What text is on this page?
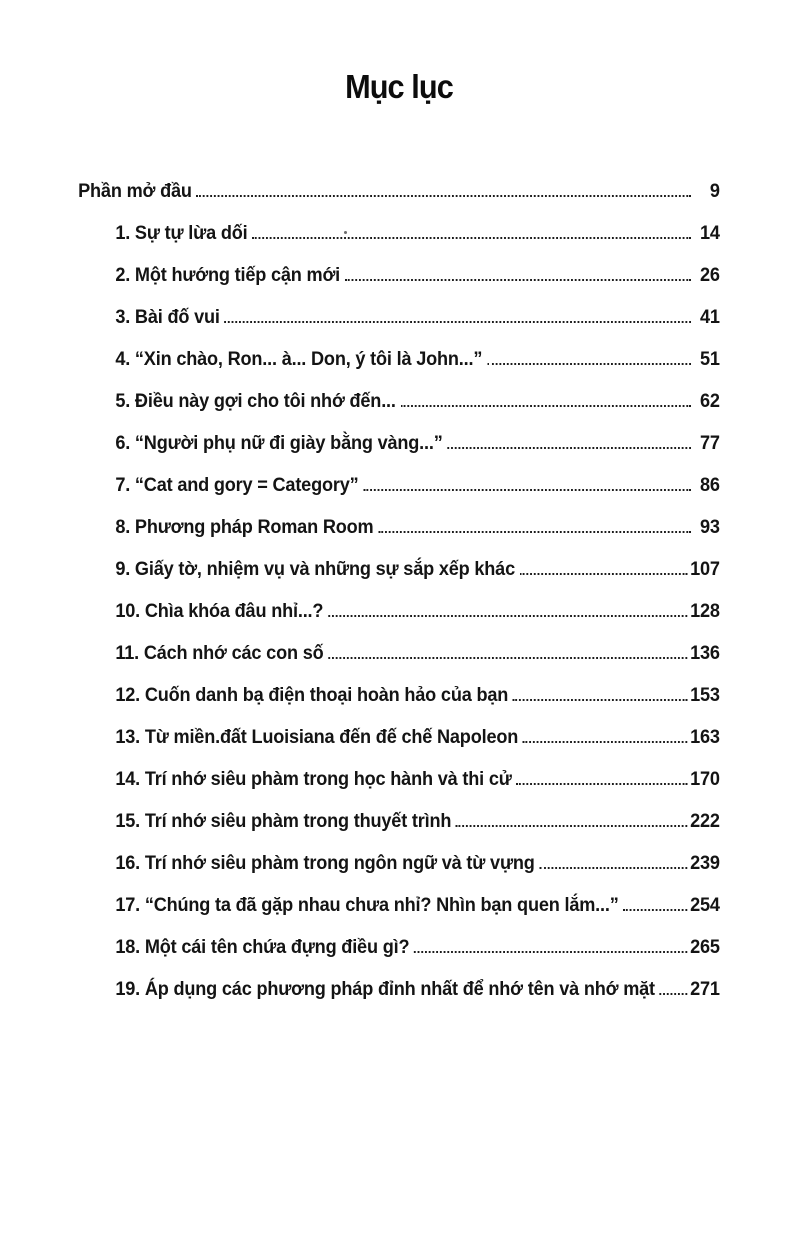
Mục lục
Phần mở đầu	9
1. Sự tự lừa dối	14
2. Một hướng tiếp cận mới	26
3. Bài đố vui	41
4. “Xin chào, Ron... à... Don, ý tôi là John...”	51
5. Điều này gợi cho tôi nhớ đến...	62
6. “Người phụ nữ đi giày bằng vàng...”	77
7. “Cat and gory = Category”	86
8. Phương pháp Roman Room	93
9. Giấy tờ, nhiệm vụ và những sự sắp xếp khác	107
10. Chìa khóa đâu nhỉ...?	128
11. Cách nhớ các con số	136
12. Cuốn danh bạ điện thoại hoàn hảo của bạn	153
13. Từ miền.đất Luoisiana đến đế chế Napoleon	163
14. Trí nhớ siêu phàm trong học hành và thi cử	170
15. Trí nhớ siêu phàm trong thuyết trình	222
16. Trí nhớ siêu phàm trong ngôn ngữ và từ vựng	239
17. “Chúng ta đã gặp nhau chưa nhỉ? Nhìn bạn quen lắm...”	254
18. Một cái tên chứa đựng điều gì?	265
19. Áp dụng các phương pháp đỉnh nhất để nhớ tên và nhớ mặt 271
